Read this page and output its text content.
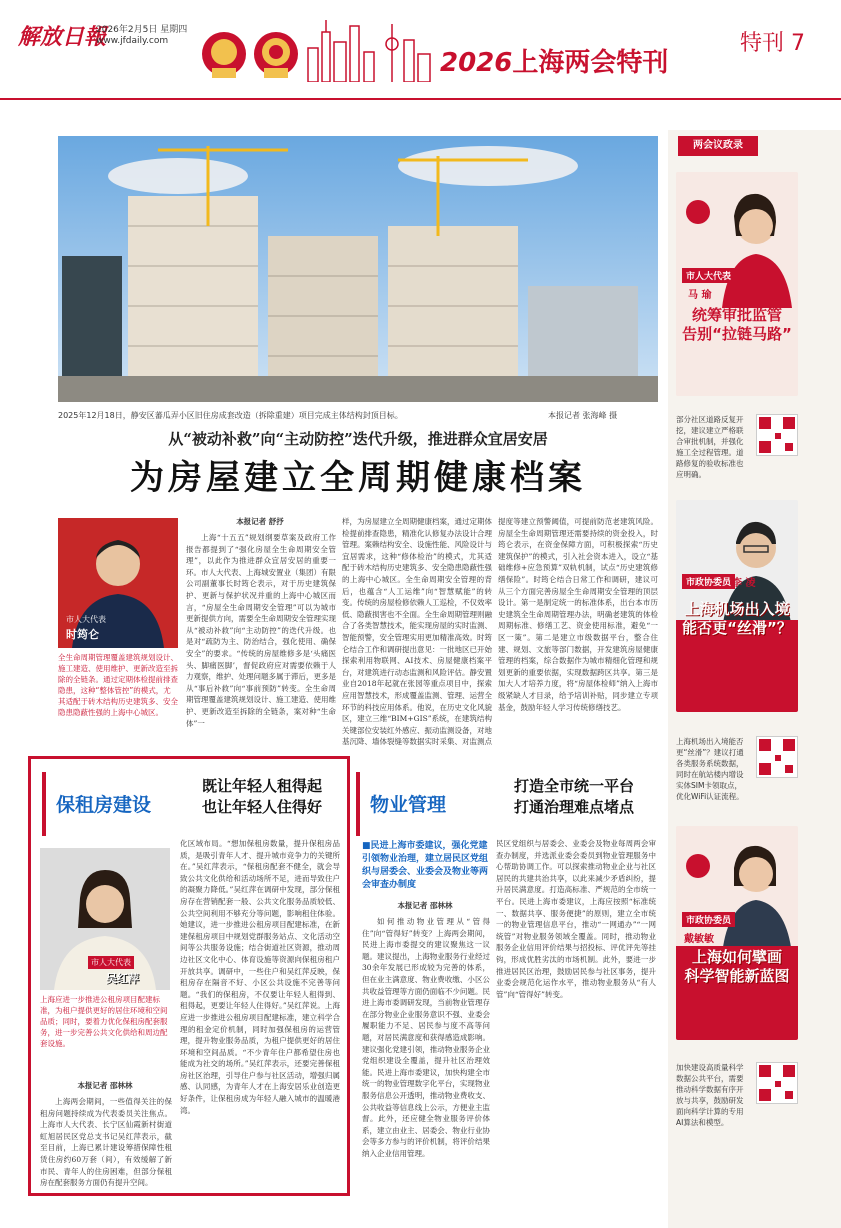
解放日報
2026年2月5日 星期四
www.jfdaily.com
2026上海两会特刊
特刊 7
2025年12月18日，静安区蕃瓜弄小区旧住房成套改造（拆除重建）项目完成主体结构封顶目标。	本报记者 张海峰 摄
从“被动补救”向“主动防控”迭代升级，推进群众宜居安居
为房屋建立全周期健康档案
市人大代表
时筠仑
全生命周期管理覆盖建筑规划设计、施工建造、使用维护、更新改造至拆除的全链条。通过定期体检提前排查隐患，这种“整体管控”的模式，尤其适配于砖木结构历史建筑多、安全隐患隐蔽性强的上海中心城区。
本报记者 舒抒
上海“十五五”规划纲要草案及政府工作报告都提到了“强化房屋全生命周期安全管理”，以此作为推进群众宜居安居的重要一环。市人大代表、上海城安置业（集团）有限公司副董事长时筠仑表示，对于历史建筑保护、更新与保护状况并重的上海中心城区而言，“房屋全生命周期安全管理”可以为城市更新提供方向，需要全生命周期安全管理实现从“被动补救”向“主动防控”的迭代升级。也是对“疏防为主、防治结合，强化使用、确保安全”的要求。“传统的房屋维修多是‘头痛医头、脚痛医脚’，督促政府应对需要依赖于人力观察，维护、处理问题多属于滞后，更多是从“事后补救”向“事前预防”转变。全生命周期管理覆盖建筑规划设计、施工建造、使用维护、更新改造至拆除的全链条，案对种“生命体”一
样，为房屋建立全周期健康档案，通过定期体检提前排查隐患，精准化认修复办法设计合理管理。案赖结构安全、设施性能、风险设计与宜居需求，这种“修体检治”的模式，尤其适配于砖木结构历史建筑多、安全隐患隐蔽性强的上海中心城区。全生命周期安全管理的背后，也蕴含“人工运维”向“智慧赋能”的转变。传统的房屋检修依赖人工巡检，不仅效率低、隐蔽损害也不全面。全生命周期管理则融合了各类智慧技术，能实现房屋的实时监测、智能预警，安全管理实用更加精准高效。时筠仑结合工作和调研提出意见：一批地区已开始探索利用物联网、AI技术、房屋健康档案平台，对建筑进行动态监测和风险评估。静安置业自2018年起就在张园等重点项目中，探索应用智慧技术，形成覆盖监测、管理、运营全环节的科技应用体系。他说，在历史文化风貌区，建立三维“BIM+GIS”系统，在建筑结构关键部位安装红外感应、振动监测设备，对地基沉降、墙体裂缝等数据实时采集、对监测点
提度等建立预警阈值，可提前防范老建筑风险。房屋全生命周期管理还需要持续的资金投入，时筠仑表示，在资金保障方面，可积极探索“历史建筑保护”的模式，引入社会资本进入，设立“基础维修+应急预算”双轨机制，试点“历史建筑修缮保险”。时筠仑结合日常工作和调研，建议可从三个方面完善房屋全生命周期安全管理的顶层设计。第一是制定统一的标准体系，出台本市历史建筑全生命周期管理办法，明确老建筑的体检周期标准、修缮工艺、资金使用标准，避免“一区一策”。第二是建立市级数据平台，整合住建、规划、文旅等部门数据，开发建筑房屋健康管理的档案，综合数据作为城市精细化管理和规划更新的重要依据，实现数据跨区共享。第三是加大人才培养力度，将“房屋体检师”纳入上海市级紧缺人才目录，给予培训补贴，同步建立专项基金，鼓励年轻人学习传统修缮技艺。
保租房建设
既让年轻人租得起
也让年轻人住得好
市人大代表
吴红萍
上海应进一步推进公租房项目配建标准，为租户提供更好的居住环境和空间品质；同时，要着力优化保租房配套服务，进一步完善公共文化供给和周边配套设施。
本报记者 邵林林
上海两会期间，一些值得关注的保租房问题持续成为代表委员关注焦点。上海市人大代表、长宁区仙霞新村街道虹旭居民区党总支书记吴红萍表示，截至目前，上海已累计建设筹措保障性租赁住房约60万套（间），有效缓解了新市民、青年人的住房困难，但部分保租房在配套服务方面仍有提升空间。
化区域布局。“想加保租房数量，提升保租房品质，是吸引青年人才、提升城市竞争力的关键所在。”吴红萍表示，“保租房配套不健全，就会导致公共文化供给和活动场所不足，进而导致住户的凝聚力降低。”吴红萍在调研中发现，部分保租房存在营销配套一般、公共文化服务品质较低、公共空间利用不够充分等问题，影响租住体验。她建议，进一步推进公租房项目配建标准，在新建保租房项目中规划党群服务站点、文化活动空间等公共服务设施；结合街道社区资源，推动周边社区文化中心、体育设施等资源向保租房租户开放共享。调研中，一些住户和吴红萍反映，保租房存在隔音不好、小区公共设施不完善等问题。“我们的保租房，不仅要让年轻人租得到、租得起，更要让年轻人住得好。”吴红萍说。上海应进一步推进公租房项目配建标准，建立科学合理的租金定价机制，同时加强保租房的运营管理，提升物业服务品质，为租户提供更好的居住环境和空间品质。“不少青年住户都希望住房也能成为社交的场所。”吴红萍表示，还要完善保租房社区治理，引导住户参与社区活动，增强归属感、认同感，为青年人才在上海安居乐业创造更好条件，让保租房成为年轻人融入城市的温暖港湾。
物业管理
打造全市统一平台
打通治理难点堵点
■民进上海市委建议，强化党建引领物业治理，建立居民区党组织与居委会、业委会及物业等两会审查办制度
本报记者 邵林林
如何推动物业管理从“管得住”向“管得好”转变？上海两会期间，民进上海市委提交的建议聚焦这一议题。建议提出，上海物业服务行业经过30余年发展已形成较为完善的体系，但在业主满意度、物业费收缴、小区公共收益管理等方面仍面临不少问题。民进上海市委调研发现，当前物业管理存在部分物业企业服务意识不强、业委会履职能力不足、居民参与度不高等问题，对居民满意度和获得感造成影响。建议强化党建引领，推动物业服务企业党组织建设全覆盖，提升社区治理效能。民进上海市委建议，加快构建全市统一的物业管理数字化平台，实现物业服务信息公开透明，推动物业费收支、公共收益等信息线上公示，方便业主监督。此外，还应健全物业服务评价体系，建立由业主、居委会、物业行业协会等多方参与的评价机制，将评价结果纳入企业信用管理。
民区党组织与居委会、业委会及物业每周两会审查办制度，并选派业委会委员到物业管理服务中心帮助协调工作。可以探索推动物业企业与社区居民的共建共治共享，以此来减少矛盾纠纷，提升居民满意度。打造高标准、严规范的全市统一平台。民进上海市委建议，上海应按照“标准统一、数据共享、服务便捷”的原则，建立全市统一的物业管理信息平台，推动“一网通办”“一网统管”对物业服务领域全覆盖。同时，推动物业服务企业信用评价结果与招投标、评优评先等挂钩，形成优胜劣汰的市场机制。此外，要进一步推进居民区治理，鼓励居民参与社区事务，提升业委会规范化运作水平，推动物业服务从“有人管”向“管得好”转变。
两会议政录
市人大代表
马 瑜
统筹审批监管
告别“拉链马路”
部分社区道路反复开挖，建议建立严格联合审批机制，并强化施工全过程管理。道路修复的验收标准也应明确。
市政协委员 李 凌
上海机场出入境
能否更“丝滑”？
上海机场出入境能否更“丝滑”？建议打通各类服务系统数据，同时在航站楼内增设实体SIM卡领取点，优化WiFi认证流程。
市政协委员
戴敏敏
上海如何擘画
科学智能新蓝图
加快建设高质量科学数据公共平台，需要推动科学数据有序开放与共享，鼓励研发面向科学计算的专用AI算法和模型。
